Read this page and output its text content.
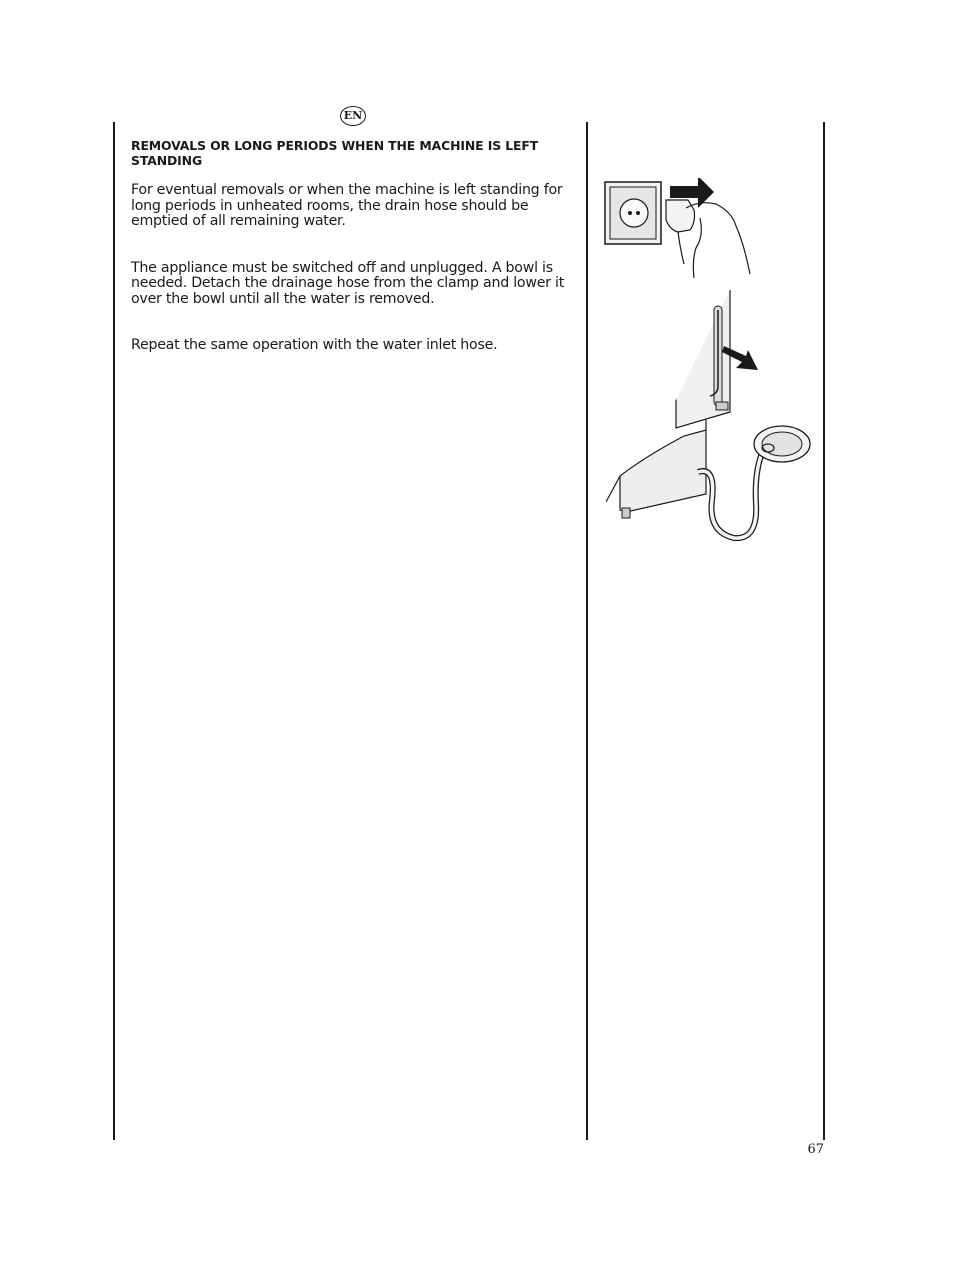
EN
REMOVALS OR LONG PERIODS WHEN THE MACHINE IS LEFT STANDING

For eventual removals or when the machine is left standing for long periods in unheated rooms, the drain hose should be emptied of all remaining water.

The appliance must be switched off and unplugged. A bowl is needed. Detach the drainage hose from the clamp and lower it over the bowl until all the water is removed.

Repeat the same operation with the water inlet hose.

67
